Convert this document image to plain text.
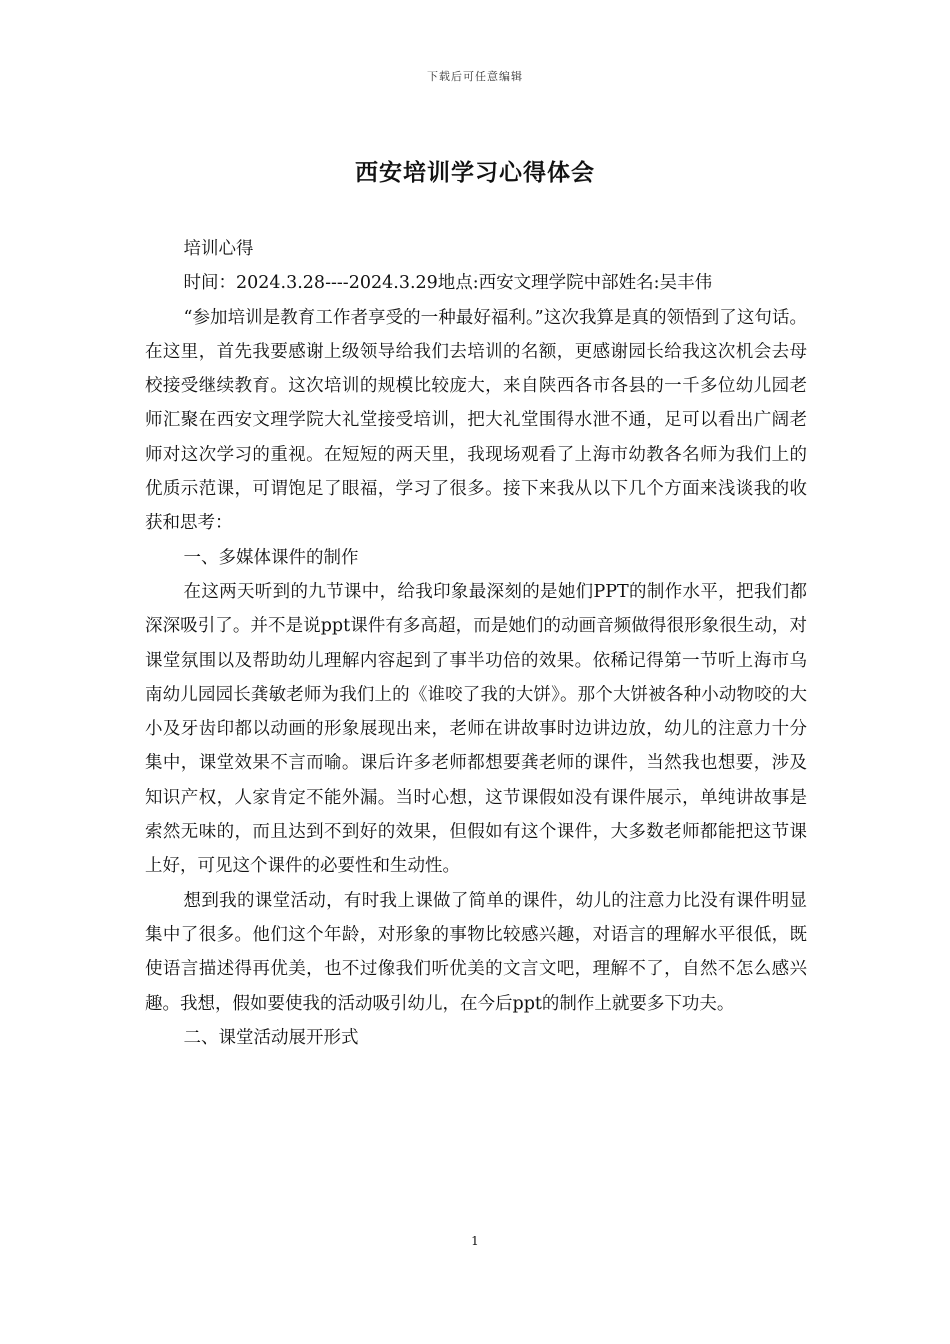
下载后可任意编辑
西安培训学习心得体会

培训心得

时间：2024.3.28----2024.3.29地点:西安文理学院中部姓名:吴丰伟

“参加培训是教育工作者享受的一种最好福利。”这次我算是真的领悟到了这句话。在这里，首先我要感谢上级领导给我们去培训的名额，更感谢园长给我这次机会去母校接受继续教育。这次培训的规模比较庞大，来自陕西各市各县的一千多位幼儿园老师汇聚在西安文理学院大礼堂接受培训，把大礼堂围得水泄不通，足可以看出广阔老师对这次学习的重视。在短短的两天里，我现场观看了上海市幼教各名师为我们上的优质示范课，可谓饱足了眼福，学习了很多。接下来我从以下几个方面来浅谈我的收获和思考：

一、多媒体课件的制作

在这两天听到的九节课中，给我印象最深刻的是她们PPT的制作水平，把我们都深深吸引了。并不是说ppt课件有多高超，而是她们的动画音频做得很形象很生动，对课堂氛围以及帮助幼儿理解内容起到了事半功倍的效果。依稀记得第一节听上海市乌南幼儿园园长龚敏老师为我们上的《谁咬了我的大饼》。那个大饼被各种小动物咬的大小及牙齿印都以动画的形象展现出来，老师在讲故事时边讲边放，幼儿的注意力十分集中，课堂效果不言而喻。课后许多老师都想要龚老师的课件，当然我也想要，涉及知识产权，人家肯定不能外漏。当时心想，这节课假如没有课件展示，单纯讲故事是索然无味的，而且达到不到好的效果，但假如有这个课件，大多数老师都能把这节课上好，可见这个课件的必要性和生动性。

想到我的课堂活动，有时我上课做了简单的课件，幼儿的注意力比没有课件明显集中了很多。他们这个年龄，对形象的事物比较感兴趣，对语言的理解水平很低，既使语言描述得再优美，也不过像我们听优美的文言文吧，理解不了，自然不怎么感兴趣。我想，假如要使我的活动吸引幼儿，在今后ppt的制作上就要多下功夫。

二、课堂活动展开形式

1
